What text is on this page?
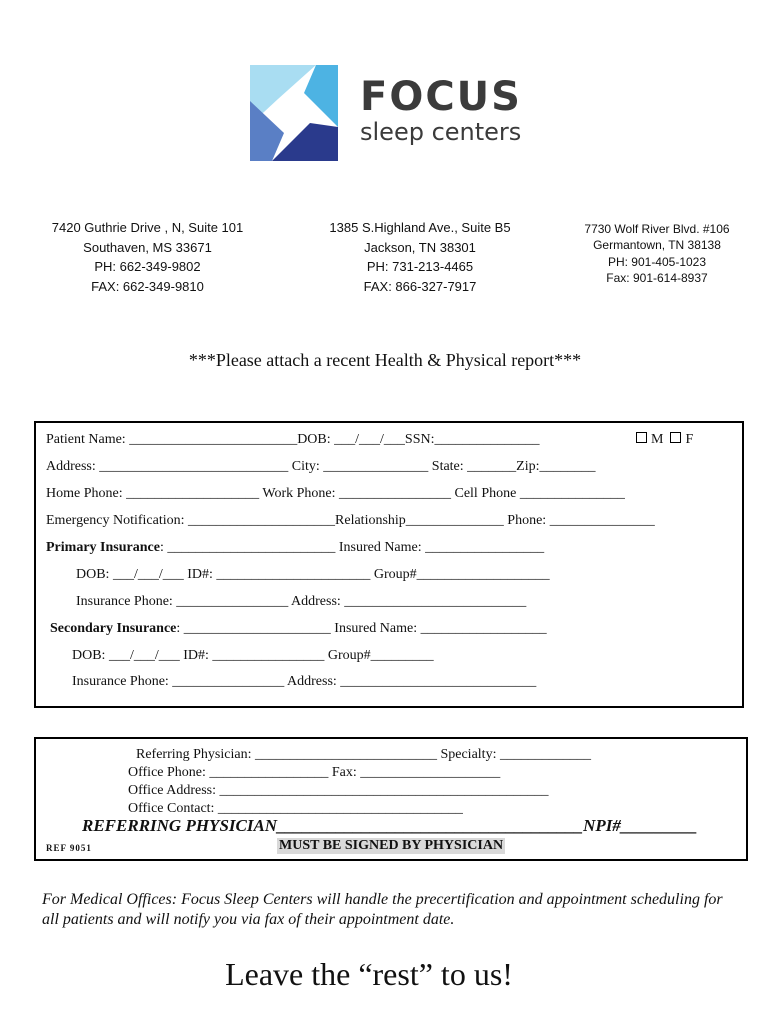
FOCUS
sleep centers
7420 Guthrie Drive , N, Suite 101
Southaven, MS 33671
PH: 662-349-9802
FAX: 662-349-9810
1385 S.Highland Ave., Suite B5
Jackson, TN 38301
PH: 731-213-4465
FAX: 866-327-7917
7730 Wolf River Blvd. #106
Germantown, TN 38138
PH: 901-405-1023
Fax: 901-614-8937
***Please attach a recent Health & Physical report***
Patient Name: ________________________DOB: ___/___/___SSN:_______________	M F
Address: ___________________________ City: _______________ State: _______Zip:________
Home Phone: ___________________ Work Phone: ________________ Cell Phone _______________
Emergency Notification: _____________________Relationship______________ Phone: _______________
Primary Insurance: ________________________ Insured Name: _________________
DOB: ___/___/___ ID#: ______________________ Group#___________________
Insurance Phone: ________________ Address: __________________________
Secondary Insurance: _____________________ Insured Name: __________________
DOB: ___/___/___ ID#: ________________ Group#_________
Insurance Phone: ________________ Address: ____________________________
Referring Physician: __________________________ Specialty: _____________
Office Phone: _________________ Fax: ____________________
Office Address: _______________________________________________
Office Contact: ___________________________________
REFERRING PHYSICIAN____________________________________NPI#_________
REF 9051	MUST BE SIGNED BY PHYSICIAN
For Medical Offices: Focus Sleep Centers will handle the precertification and appointment scheduling for all patients and will notify you via fax of their appointment date.
Leave the “rest” to us!
